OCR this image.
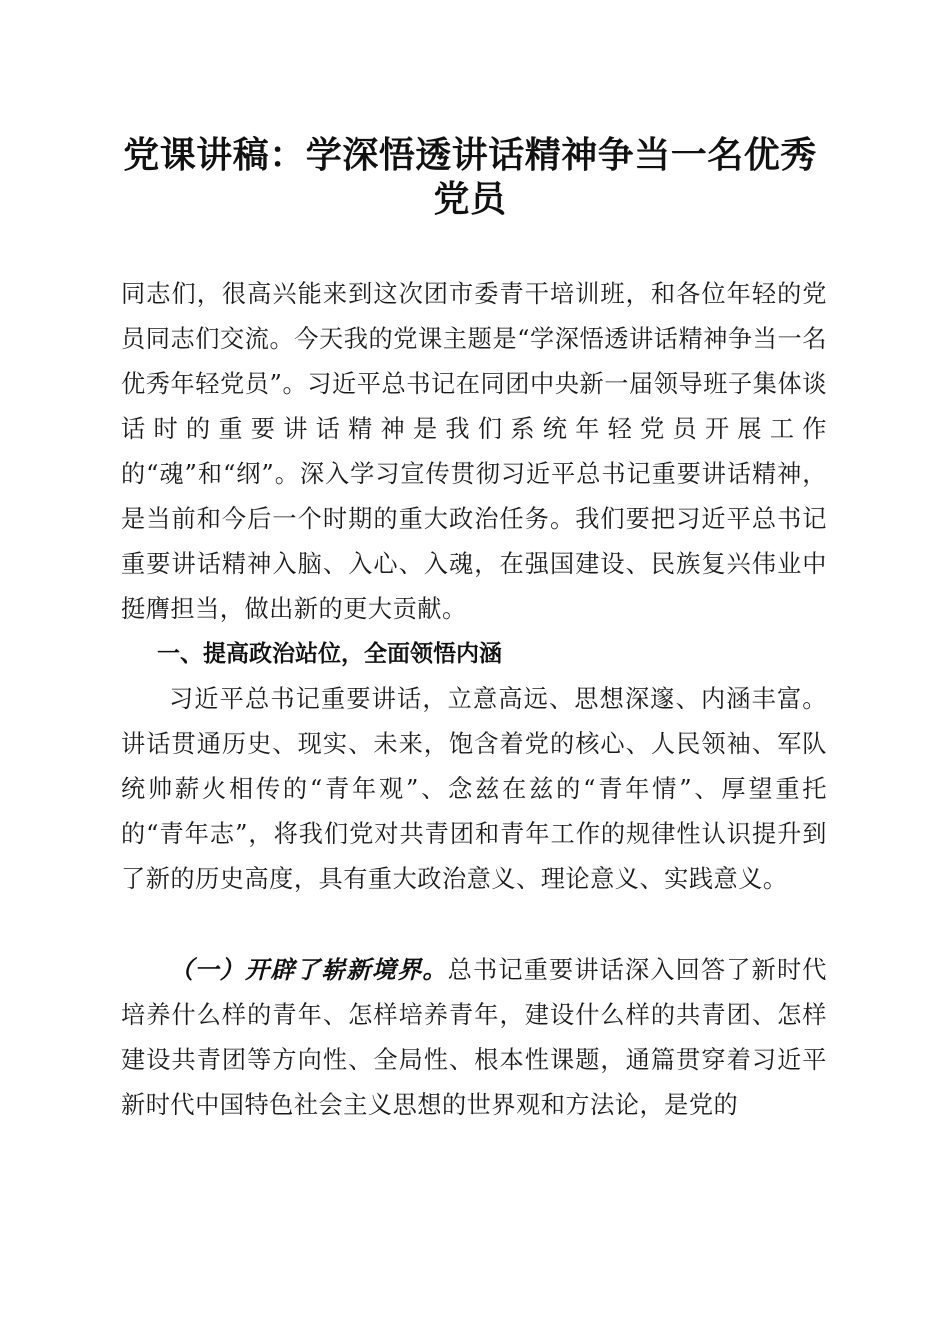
党课讲稿：学深悟透讲话精神争当一名优秀党员

同志们，很高兴能来到这次团市委青干培训班，和各位年轻的党员同志们交流。今天我的党课主题是“学深悟透讲话精神争当一名优秀年轻党员”。习近平总书记在同团中央新一届领导班子集体谈话时的重要讲话精神是我们系统年轻党员开展工作的“魂”和“纲”。深入学习宣传贯彻习近平总书记重要讲话精神，是当前和今后一个时期的重大政治任务。我们要把习近平总书记重要讲话精神入脑、入心、入魂，在强国建设、民族复兴伟业中挺膺担当，做出新的更大贡献。

一、提高政治站位，全面领悟内涵

习近平总书记重要讲话，立意高远、思想深邃、内涵丰富。讲话贯通历史、现实、未来，饱含着党的核心、人民领袖、军队统帅薪火相传的“青年观”、念兹在兹的“青年情”、厚望重托的“青年志”，将我们党对共青团和青年工作的规律性认识提升到了新的历史高度，具有重大政治意义、理论意义、实践意义。

（一）开辟了崭新境界。总书记重要讲话深入回答了新时代培养什么样的青年、怎样培养青年，建设什么样的共青团、怎样建设共青团等方向性、全局性、根本性课题，通篇贯穿着习近平新时代中国特色社会主义思想的世界观和方法论，是党的
